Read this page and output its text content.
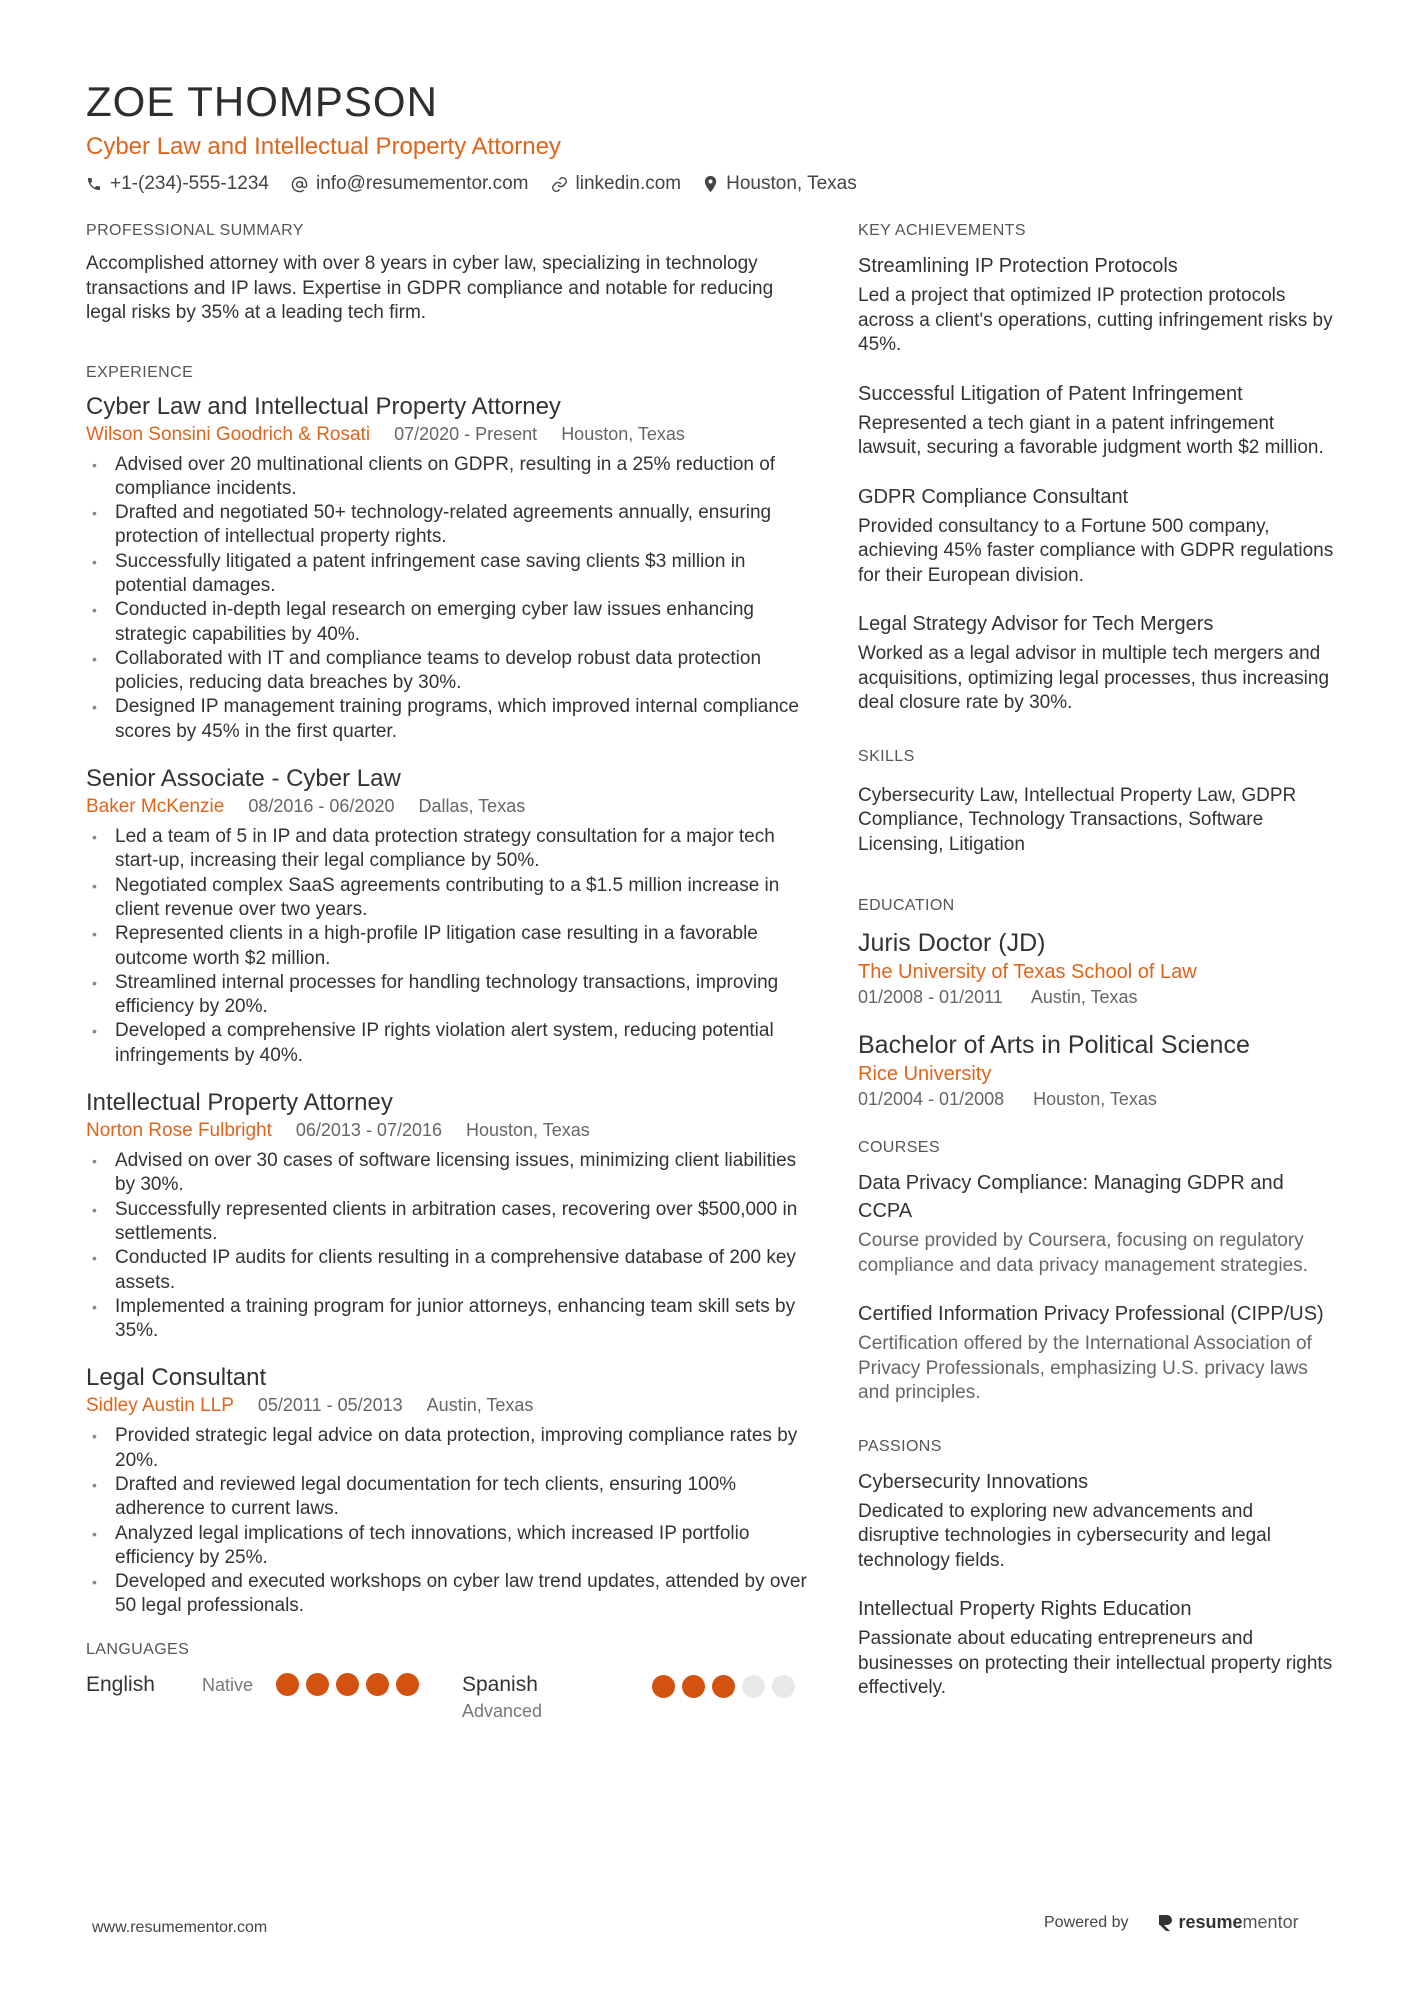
ZOE THOMPSON
Cyber Law and Intellectual Property Attorney
+1-(234)-555-1234 info@resumementor.com linkedin.com Houston, Texas
PROFESSIONAL SUMMARY

Accomplished attorney with over 8 years in cyber law, specializing in technology transactions and IP laws. Expertise in GDPR compliance and notable for reducing legal risks by 35% at a leading tech firm.

EXPERIENCE
Cyber Law and Intellectual Property Attorney
Wilson Sonsini Goodrich & Rosati 07/2020 - Present Houston, Texas
• Advised over 20 multinational clients on GDPR, resulting in a 25% reduction of compliance incidents.
• Drafted and negotiated 50+ technology-related agreements annually, ensuring protection of intellectual property rights.
• Successfully litigated a patent infringement case saving clients $3 million in potential damages.
• Conducted in-depth legal research on emerging cyber law issues enhancing strategic capabilities by 40%.
• Collaborated with IT and compliance teams to develop robust data protection policies, reducing data breaches by 30%.
• Designed IP management training programs, which improved internal compliance scores by 45% in the first quarter.
Senior Associate - Cyber Law
Baker McKenzie 08/2016 - 06/2020 Dallas, Texas
• Led a team of 5 in IP and data protection strategy consultation for a major tech start-up, increasing their legal compliance by 50%.
• Negotiated complex SaaS agreements contributing to a $1.5 million increase in client revenue over two years.
• Represented clients in a high-profile IP litigation case resulting in a favorable outcome worth $2 million.
• Streamlined internal processes for handling technology transactions, improving efficiency by 20%.
• Developed a comprehensive IP rights violation alert system, reducing potential infringements by 40%.
Intellectual Property Attorney
Norton Rose Fulbright 06/2013 - 07/2016 Houston, Texas
• Advised on over 30 cases of software licensing issues, minimizing client liabilities by 30%.
• Successfully represented clients in arbitration cases, recovering over $500,000 in settlements.
• Conducted IP audits for clients resulting in a comprehensive database of 200 key assets.
• Implemented a training program for junior attorneys, enhancing team skill sets by 35%.
Legal Consultant
Sidley Austin LLP 05/2011 - 05/2013 Austin, Texas
• Provided strategic legal advice on data protection, improving compliance rates by 20%.
• Drafted and reviewed legal documentation for tech clients, ensuring 100% adherence to current laws.
• Analyzed legal implications of tech innovations, which increased IP portfolio efficiency by 25%.
• Developed and executed workshops on cyber law trend updates, attended by over 50 legal professionals.
LANGUAGES
English	Native	Spanish
Advanced
KEY ACHIEVEMENTS
Streamlining IP Protection Protocols

Led a project that optimized IP protection protocols across a client's operations, cutting infringement risks by 45%.

Successful Litigation of Patent Infringement

Represented a tech giant in a patent infringement lawsuit, securing a favorable judgment worth $2 million.

GDPR Compliance Consultant

Provided consultancy to a Fortune 500 company, achieving 45% faster compliance with GDPR regulations for their European division.

Legal Strategy Advisor for Tech Mergers

Worked as a legal advisor in multiple tech mergers and acquisitions, optimizing legal processes, thus increasing deal closure rate by 30%.

SKILLS

Cybersecurity Law, Intellectual Property Law, GDPR Compliance, Technology Transactions, Software Licensing, Litigation

EDUCATION
Juris Doctor (JD)
The University of Texas School of Law
01/2008 - 01/2011 Austin, Texas
Bachelor of Arts in Political Science
Rice University
01/2004 - 01/2008 Houston, Texas
COURSES
Data Privacy Compliance: Managing GDPR and CCPA

Course provided by Coursera, focusing on regulatory compliance and data privacy management strategies.

Certified Information Privacy Professional (CIPP/US)

Certification offered by the International Association of Privacy Professionals, emphasizing U.S. privacy laws and principles.

PASSIONS
Cybersecurity Innovations

Dedicated to exploring new advancements and disruptive technologies in cybersecurity and legal technology fields.

Intellectual Property Rights Education

Passionate about educating entrepreneurs and businesses on protecting their intellectual property rights effectively.

www.resumementor.com	Powered by	resume mentor
